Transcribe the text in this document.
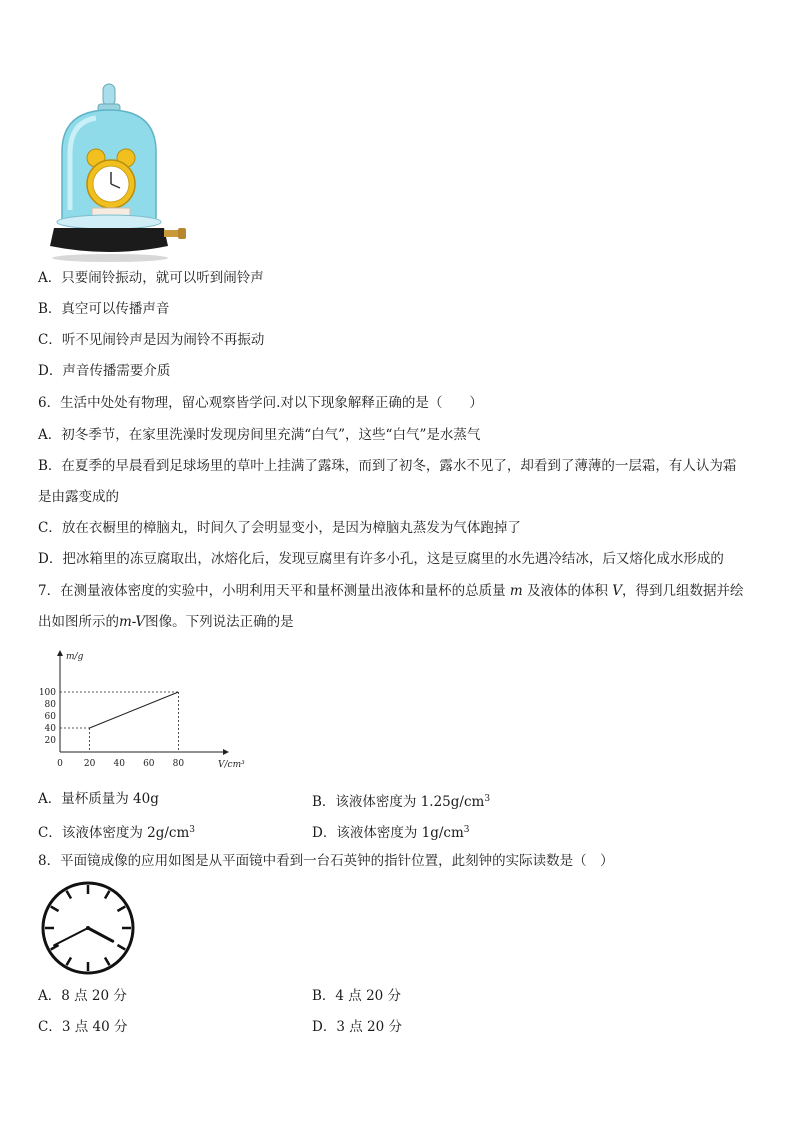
A．只要闹铃振动，就可以听到闹铃声
B．真空可以传播声音
C．听不见闹铃声是因为闹铃不再振动
D．声音传播需要介质
6．生活中处处有物理，留心观察皆学问.对以下现象解释正确的是（　　）
A．初冬季节，在家里洗澡时发现房间里充满“白气”，这些“白气”是水蒸气
B．在夏季的早晨看到足球场里的草叶上挂满了露珠，而到了初冬，露水不见了，却看到了薄薄的一层霜，有人认为霜
是由露变成的
C．放在衣橱里的樟脑丸，时间久了会明显变小，是因为樟脑丸蒸发为气体跑掉了
D．把冰箱里的冻豆腐取出，冰熔化后，发现豆腐里有许多小孔，这是豆腐里的水先遇冷结冰，后又熔化成水形成的
7．在测量液体密度的实验中，小明利用天平和量杯测量出液体和量杯的总质量 m 及液体的体积 V，得到几组数据并绘
出如图所示的m-V图像。下列说法正确的是
m/g
V/cm³
0 20 40 60 80
20
40
60
80
100
A．量杯质量为 40g	B．该液体密度为 $1.25g/cm^3$
C．该液体密度为 $2g/cm^3$	D．该液体密度为 $1g/cm^3$
8．平面镜成像的应用如图是从平面镜中看到一台石英钟的指针位置，此刻钟的实际读数是（　）
A．8 点 20 分	B．4 点 20 分
C．3 点 40 分	D．3 点 20 分
